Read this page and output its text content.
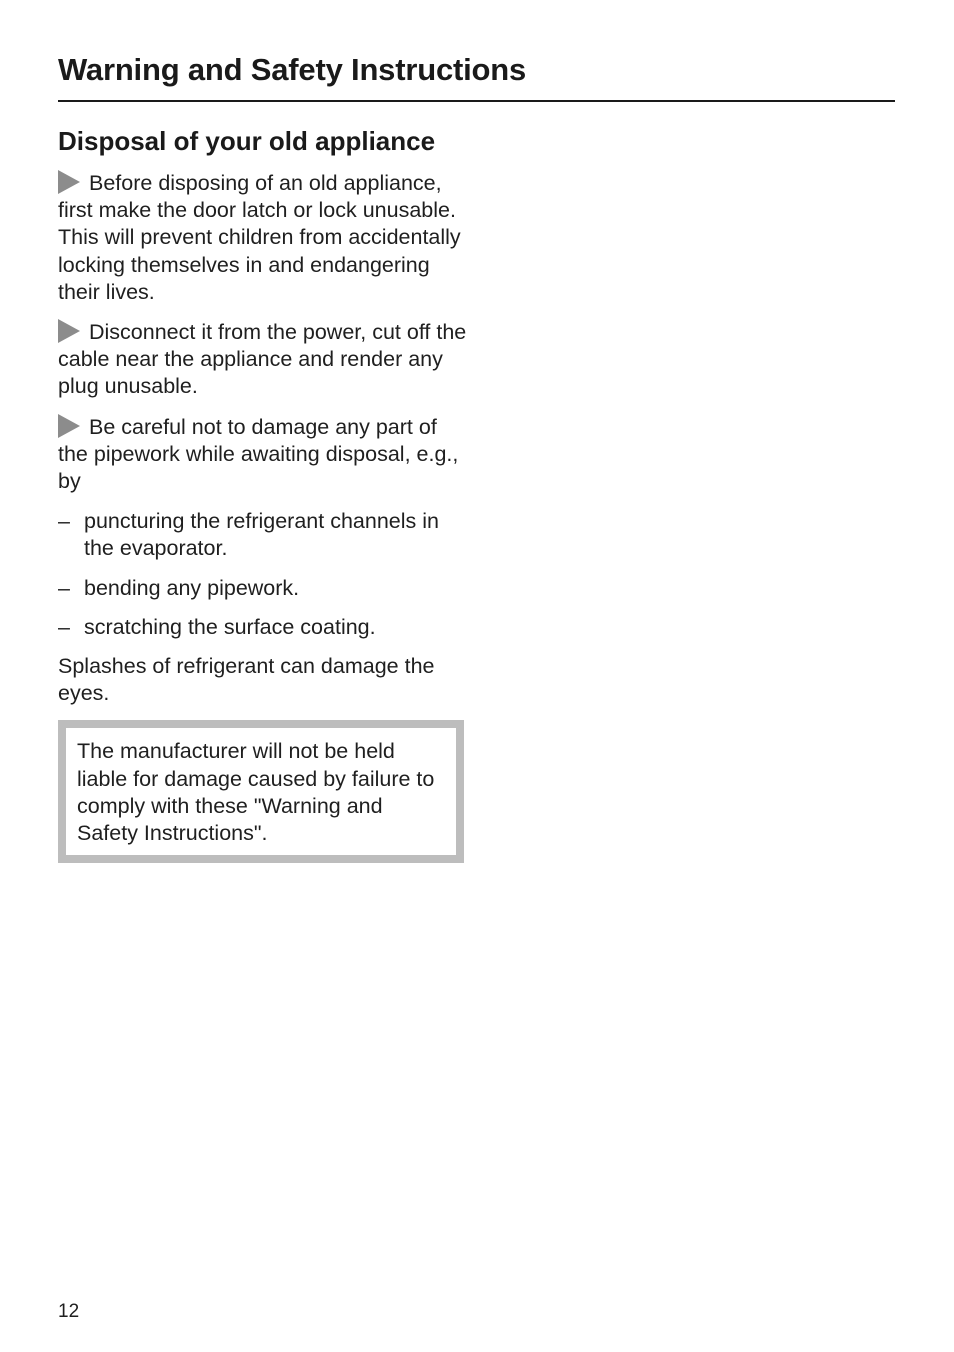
Warning and Safety Instructions
Disposal of your old appliance

Before disposing of an old appliance, first make the door latch or lock unusable.
This will prevent children from accidentally locking themselves in and endangering their lives.

Disconnect it from the power, cut off the cable near the appliance and render any plug unusable.

Be careful not to damage any part of the pipework while awaiting disposal, e.g., by

– puncturing the refrigerant channels in the evaporator.
– bending any pipework.
– scratching the surface coating.

Splashes of refrigerant can damage the eyes.

The manufacturer will not be held liable for damage caused by failure to comply with these "Warning and Safety Instructions".
12
